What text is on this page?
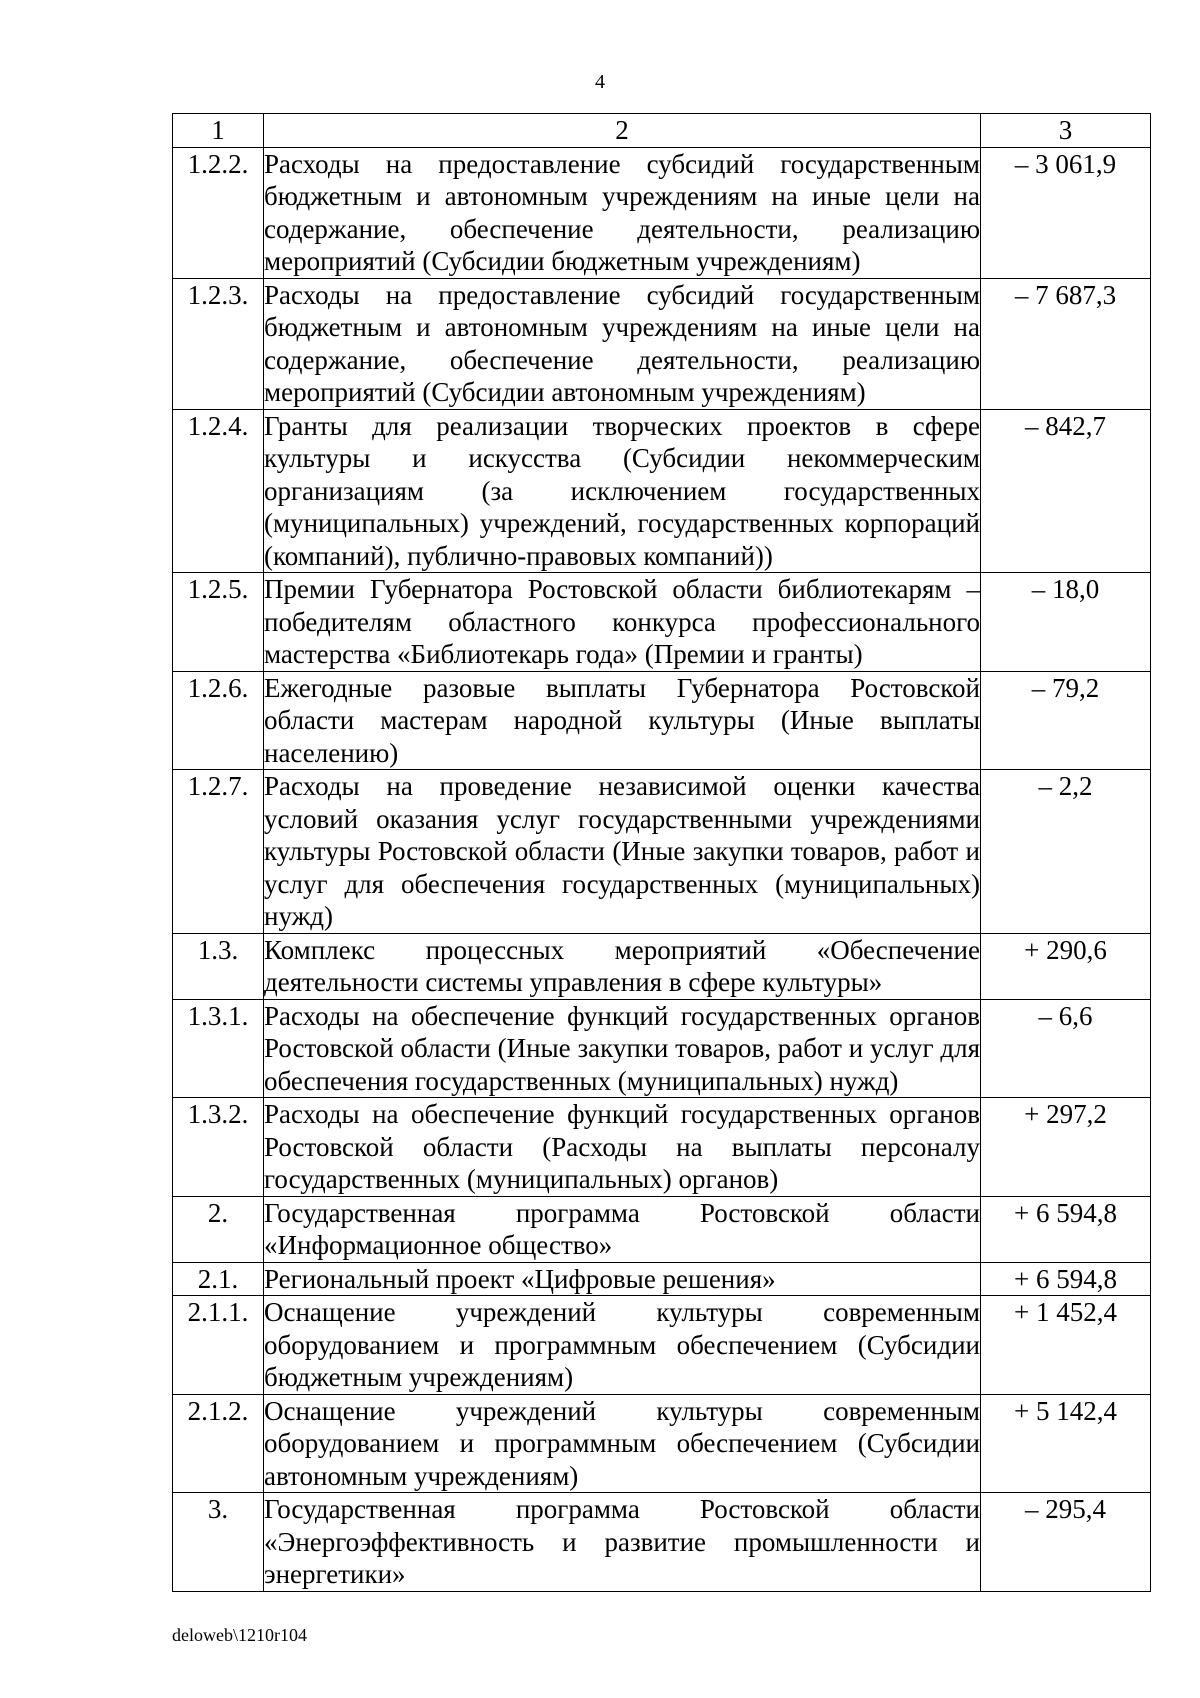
4
1	2	3
1.2.2.	Расходы на предоставление субсидий государственным бюджетным и автономным учреждениям на иные цели на содержание, обеспечение деятельности, реализацию мероприятий (Субсидии бюджетным учреждениям)	– 3 061,9
1.2.3.	Расходы на предоставление субсидий государственным бюджетным и автономным учреждениям на иные цели на содержание, обеспечение деятельности, реализацию мероприятий (Субсидии автономным учреждениям)	– 7 687,3
1.2.4.	Гранты для реализации творческих проектов в сфере культуры и искусства (Субсидии некоммерческим организациям (за исключением государственных (муниципальных) учреждений, государственных корпораций (компаний), публично-правовых компаний))	– 842,7
1.2.5.	Премии Губернатора Ростовской области библиотекарям – победителям областного конкурса профессионального мастерства «Библиотекарь года» (Премии и гранты)	– 18,0
1.2.6.	Ежегодные разовые выплаты Губернатора Ростовской области мастерам народной культуры (Иные выплаты населению)	– 79,2
1.2.7.	Расходы на проведение независимой оценки качества условий оказания услуг государственными учреждениями культуры Ростовской области (Иные закупки товаров, работ и услуг для обеспечения государственных (муниципальных) нужд)	– 2,2
1.3.	Комплекс процессных мероприятий «Обеспечение деятельности системы управления в сфере культуры»	+ 290,6
1.3.1.	Расходы на обеспечение функций государственных органов Ростовской области (Иные закупки товаров, работ и услуг для обеспечения государственных (муниципальных) нужд)	– 6,6
1.3.2.	Расходы на обеспечение функций государственных органов Ростовской области (Расходы на выплаты персоналу государственных (муниципальных) органов)	+ 297,2
2.	Государственная программа Ростовской области «Информационное общество»	+ 6 594,8
2.1.	Региональный проект «Цифровые решения»	+ 6 594,8
2.1.1.	Оснащение учреждений культуры современным оборудованием и программным обеспечением (Субсидии бюджетным учреждениям)	+ 1 452,4
2.1.2.	Оснащение учреждений культуры современным оборудованием и программным обеспечением (Субсидии автономным учреждениям)	+ 5 142,4
3.	Государственная программа Ростовской области «Энергоэффективность и развитие промышленности и энергетики»	– 295,4
deloweb\1210r104
